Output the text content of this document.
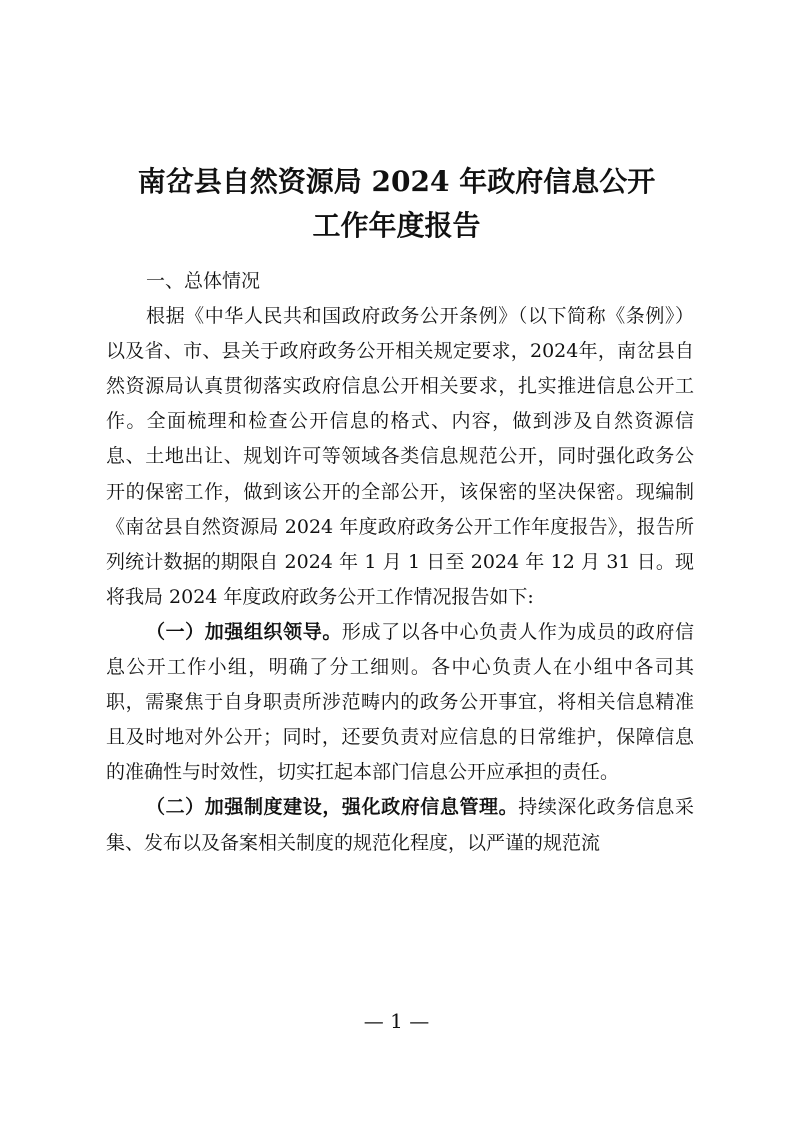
南岔县自然资源局 2024 年政府信息公开
工作年度报告

一、总体情况

根据《中华人民共和国政府政务公开条例》（以下简称《条例》）以及省、市、县关于政府政务公开相关规定要求，2024年，南岔县自然资源局认真贯彻落实政府信息公开相关要求，扎实推进信息公开工作。全面梳理和检查公开信息的格式、内容，做到涉及自然资源信息、土地出让、规划许可等领域各类信息规范公开，同时强化政务公开的保密工作，做到该公开的全部公开，该保密的坚决保密。现编制《南岔县自然资源局 2024 年度政府政务公开工作年度报告》，报告所列统计数据的期限自 2024 年 1 月 1 日至 2024 年 12 月 31 日。现将我局 2024 年度政府政务公开工作情况报告如下:

（一）加强组织领导。形成了以各中心负责人作为成员的政府信息公开工作小组，明确了分工细则。各中心负责人在小组中各司其职，需聚焦于自身职责所涉范畴内的政务公开事宜，将相关信息精准且及时地对外公开；同时，还要负责对应信息的日常维护，保障信息的准确性与时效性，切实扛起本部门信息公开应承担的责任。

（二）加强制度建设，强化政府信息管理。持续深化政务信息采集、发布以及备案相关制度的规范化程度，以严谨的规范流

— 1 —
